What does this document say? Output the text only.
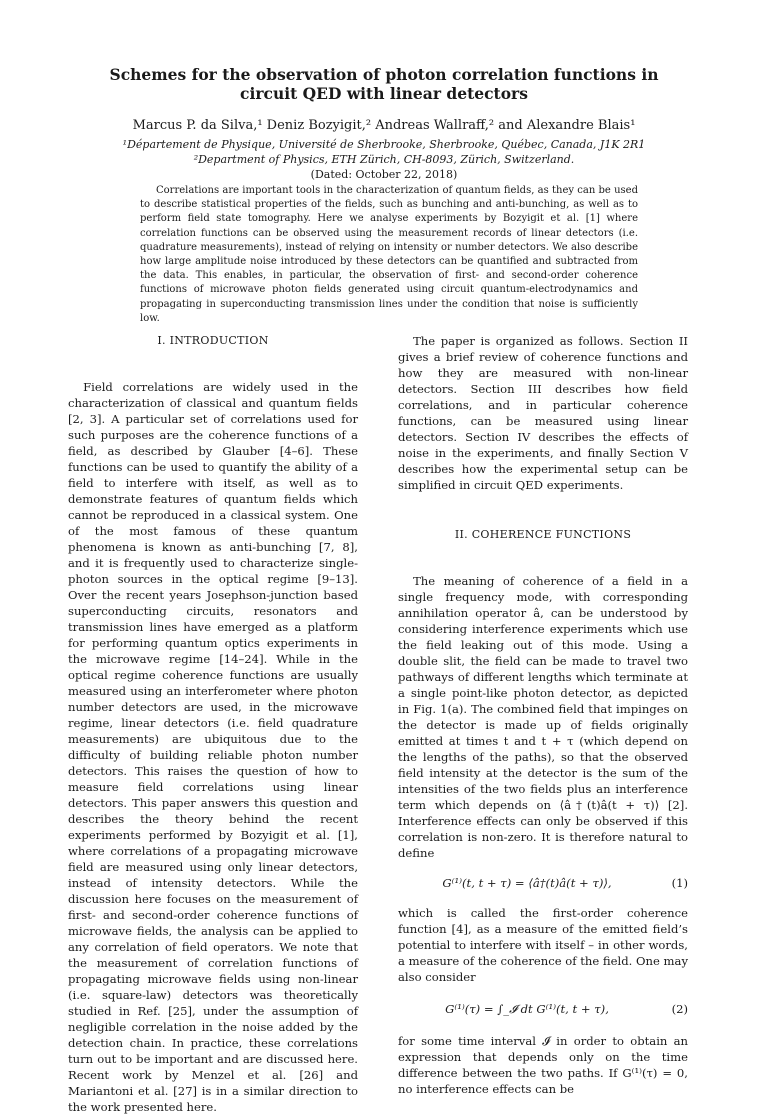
Schemes for the observation of photon correlation functions in circuit QED with linear detectors
Marcus P. da Silva,¹ Deniz Bozyigit,² Andreas Wallraff,² and Alexandre Blais¹
¹Département de Physique, Université de Sherbrooke, Sherbrooke, Québec, Canada, J1K 2R1
²Department of Physics, ETH Zürich, CH-8093, Zürich, Switzerland.
(Dated: October 22, 2018)

Correlations are important tools in the characterization of quantum fields, as they can be used to describe statistical properties of the fields, such as bunching and anti-bunching, as well as to perform field state tomography. Here we analyse experiments by Bozyigit et al. [1] where correlation functions can be observed using the measurement records of linear detectors (i.e. quadrature measurements), instead of relying on intensity or number detectors. We also describe how large amplitude noise introduced by these detectors can be quantified and subtracted from the data. This enables, in particular, the observation of first- and second-order coherence functions of microwave photon fields generated using circuit quantum-electrodynamics and propagating in superconducting transmission lines under the condition that noise is sufficiently low.

I. INTRODUCTION

Field correlations are widely used in the characterization of classical and quantum fields [2, 3]. A particular set of correlations used for such purposes are the coherence functions of a field, as described by Glauber [4–6]. These functions can be used to quantify the ability of a field to interfere with itself, as well as to demonstrate features of quantum fields which cannot be reproduced in a classical system. One of the most famous of these quantum phenomena is known as anti-bunching [7, 8], and it is frequently used to characterize single-photon sources in the optical regime [9–13]. Over the recent years Josephson-junction based superconducting circuits, resonators and transmission lines have emerged as a platform for performing quantum optics experiments in the microwave regime [14–24]. While in the optical regime coherence functions are usually measured using an interferometer where photon number detectors are used, in the microwave regime, linear detectors (i.e. field quadrature measurements) are ubiquitous due to the difficulty of building reliable photon number detectors. This raises the question of how to measure field correlations using linear detectors. This paper answers this question and describes the theory behind the recent experiments performed by Bozyigit et al. [1], where correlations of a propagating microwave field are measured using only linear detectors, instead of intensity detectors. While the discussion here focuses on the measurement of first- and second-order coherence functions of microwave fields, the analysis can be applied to any correlation of field operators. We note that the measurement of correlation functions of propagating microwave fields using non-linear (i.e. square-law) detectors was theoretically studied in Ref. [25], under the assumption of negligible correlation in the noise added by the detection chain. In practice, these correlations turn out to be important and are discussed here. Recent work by Menzel et al. [26] and Mariantoni et al. [27] is in a similar direction to the work presented here.

The paper is organized as follows. Section II gives a brief review of coherence functions and how they are measured with non-linear detectors. Section III describes how field correlations, and in particular coherence functions, can be measured using linear detectors. Section IV describes the effects of noise in the experiments, and finally Section V describes how the experimental setup can be simplified in circuit QED experiments.

II. COHERENCE FUNCTIONS

The meaning of coherence of a field in a single frequency mode, with corresponding annihilation operator â, can be understood by considering interference experiments which use the field leaking out of this mode. Using a double slit, the field can be made to travel two pathways of different lengths which terminate at a single point-like photon detector, as depicted in Fig. 1(a). The combined field that impinges on the detector is made up of fields originally emitted at times t and t + τ (which depend on the lengths of the paths), so that the observed field intensity at the detector is the sum of the intensities of the two fields plus an interference term which depends on ⟨â†(t)â(t + τ)⟩ [2]. Interference effects can only be observed if this correlation is non-zero. It is therefore natural to define

G⁽¹⁾(t, t + τ) = ⟨â†(t)â(t + τ)⟩,	(1)

which is called the first-order coherence function [4], as a measure of the emitted field’s potential to interfere with itself – in other words, a measure of the coherence of the field. One may also consider

G⁽¹⁾(τ) = ∫_𝓘 dt G⁽¹⁾(t, t + τ),	(2)

for some time interval 𝓘 in order to obtain an expression that depends only on the time difference between the two paths. If G⁽¹⁾(τ) = 0, no interference effects can be
